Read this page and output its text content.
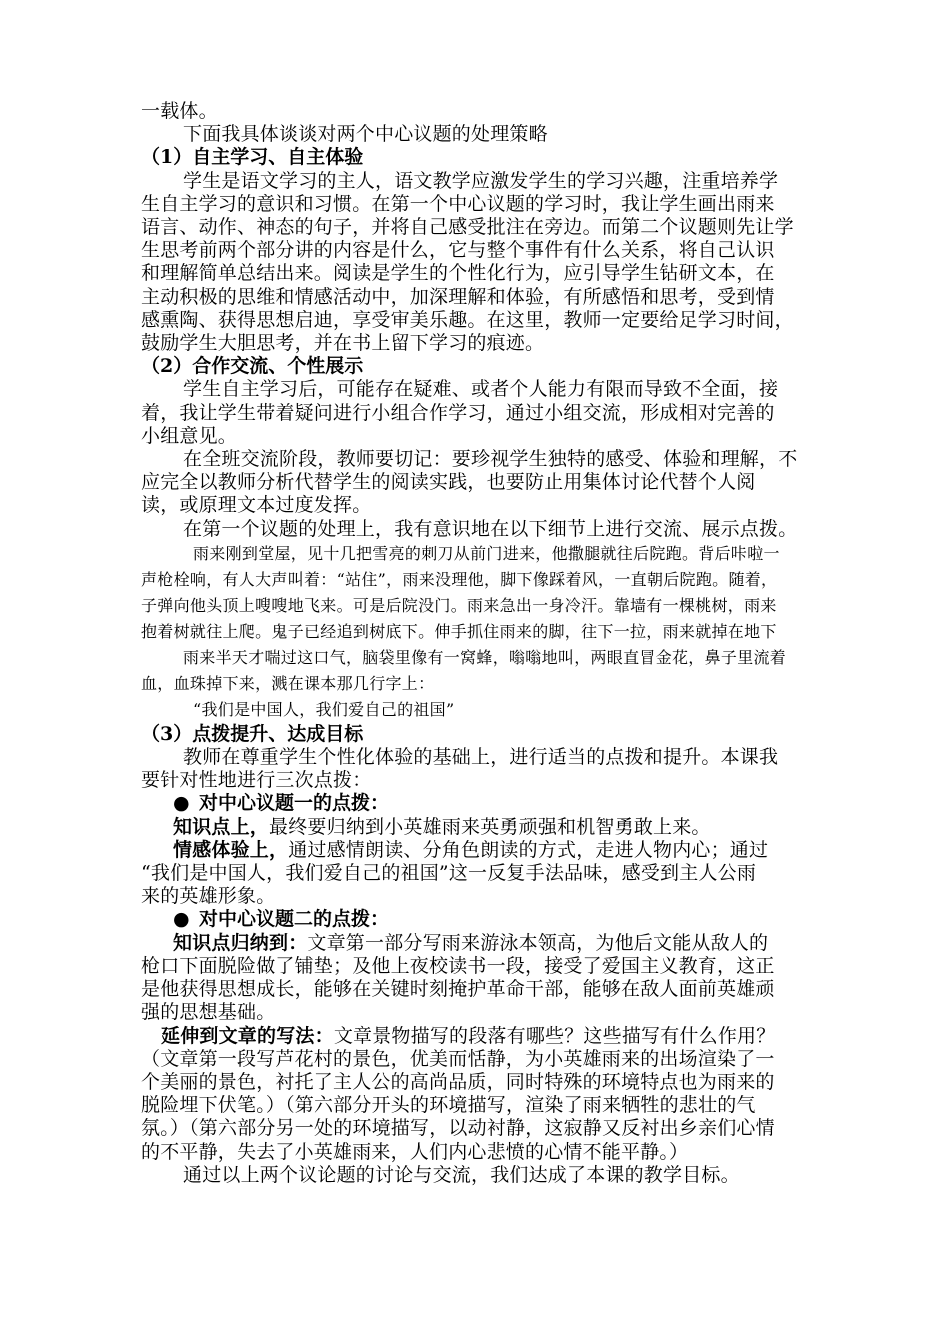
一载体。
下面我具体谈谈对两个中心议题的处理策略
（1）自主学习、自主体验
学生是语文学习的主人，语文教学应激发学生的学习兴趣，注重培养学
生自主学习的意识和习惯。在第一个中心议题的学习时，我让学生画出雨来
语言、动作、神态的句子，并将自己感受批注在旁边。而第二个议题则先让学
生思考前两个部分讲的内容是什么，它与整个事件有什么关系，将自己认识
和理解简单总结出来。阅读是学生的个性化行为，应引导学生钻研文本，在
主动积极的思维和情感活动中，加深理解和体验，有所感悟和思考，受到情
感熏陶、获得思想启迪，享受审美乐趣。在这里，教师一定要给足学习时间，
鼓励学生大胆思考，并在书上留下学习的痕迹。
（2）合作交流、个性展示
学生自主学习后，可能存在疑难、或者个人能力有限而导致不全面，接
着，我让学生带着疑问进行小组合作学习，通过小组交流，形成相对完善的
小组意见。
在全班交流阶段，教师要切记：要珍视学生独特的感受、体验和理解，不
应完全以教师分析代替学生的阅读实践，也要防止用集体讨论代替个人阅
读，或原理文本过度发挥。
在第一个议题的处理上，我有意识地在以下细节上进行交流、展示点拨。
雨来刚到堂屋，见十几把雪亮的刺刀从前门进来，他撒腿就往后院跑。背后咔啦一
声枪栓响，有人大声叫着：“站住”，雨来没理他，脚下像踩着风，一直朝后院跑。随着，
子弹向他头顶上嗖嗖地飞来。可是后院没门。雨来急出一身冷汗。靠墙有一棵桃树，雨来
抱着树就往上爬。鬼子已经追到树底下。伸手抓住雨来的脚，往下一拉，雨来就掉在地下
雨来半天才喘过这口气，脑袋里像有一窝蜂，嗡嗡地叫，两眼直冒金花，鼻子里流着
血，血珠掉下来，溅在课本那几行字上：
“我们是中国人，我们爱自己的祖国”
（3）点拨提升、达成目标
教师在尊重学生个性化体验的基础上，进行适当的点拨和提升。本课我
要针对性地进行三次点拨：
● 对中心议题一的点拨：
知识点上，最终要归纳到小英雄雨来英勇顽强和机智勇敢上来。
情感体验上，通过感情朗读、分角色朗读的方式，走进人物内心；通过
“我们是中国人，我们爱自己的祖国”这一反复手法品味，感受到主人公雨
来的英雄形象。
● 对中心议题二的点拨：
知识点归纳到：文章第一部分写雨来游泳本领高，为他后文能从敌人的
枪口下面脱险做了铺垫；及他上夜校读书一段，接受了爱国主义教育，这正
是他获得思想成长，能够在关键时刻掩护革命干部，能够在敌人面前英雄顽
强的思想基础。
延伸到文章的写法：文章景物描写的段落有哪些？这些描写有什么作用？
（文章第一段写芦花村的景色，优美而恬静，为小英雄雨来的出场渲染了一
个美丽的景色，衬托了主人公的高尚品质，同时特殊的环境特点也为雨来的
脱险埋下伏笔。）（第六部分开头的环境描写，渲染了雨来牺牲的悲壮的气
氛。）（第六部分另一处的环境描写，以动衬静，这寂静又反衬出乡亲们心情
的不平静，失去了小英雄雨来，人们内心悲愤的心情不能平静。）
通过以上两个议论题的讨论与交流，我们达成了本课的教学目标。
